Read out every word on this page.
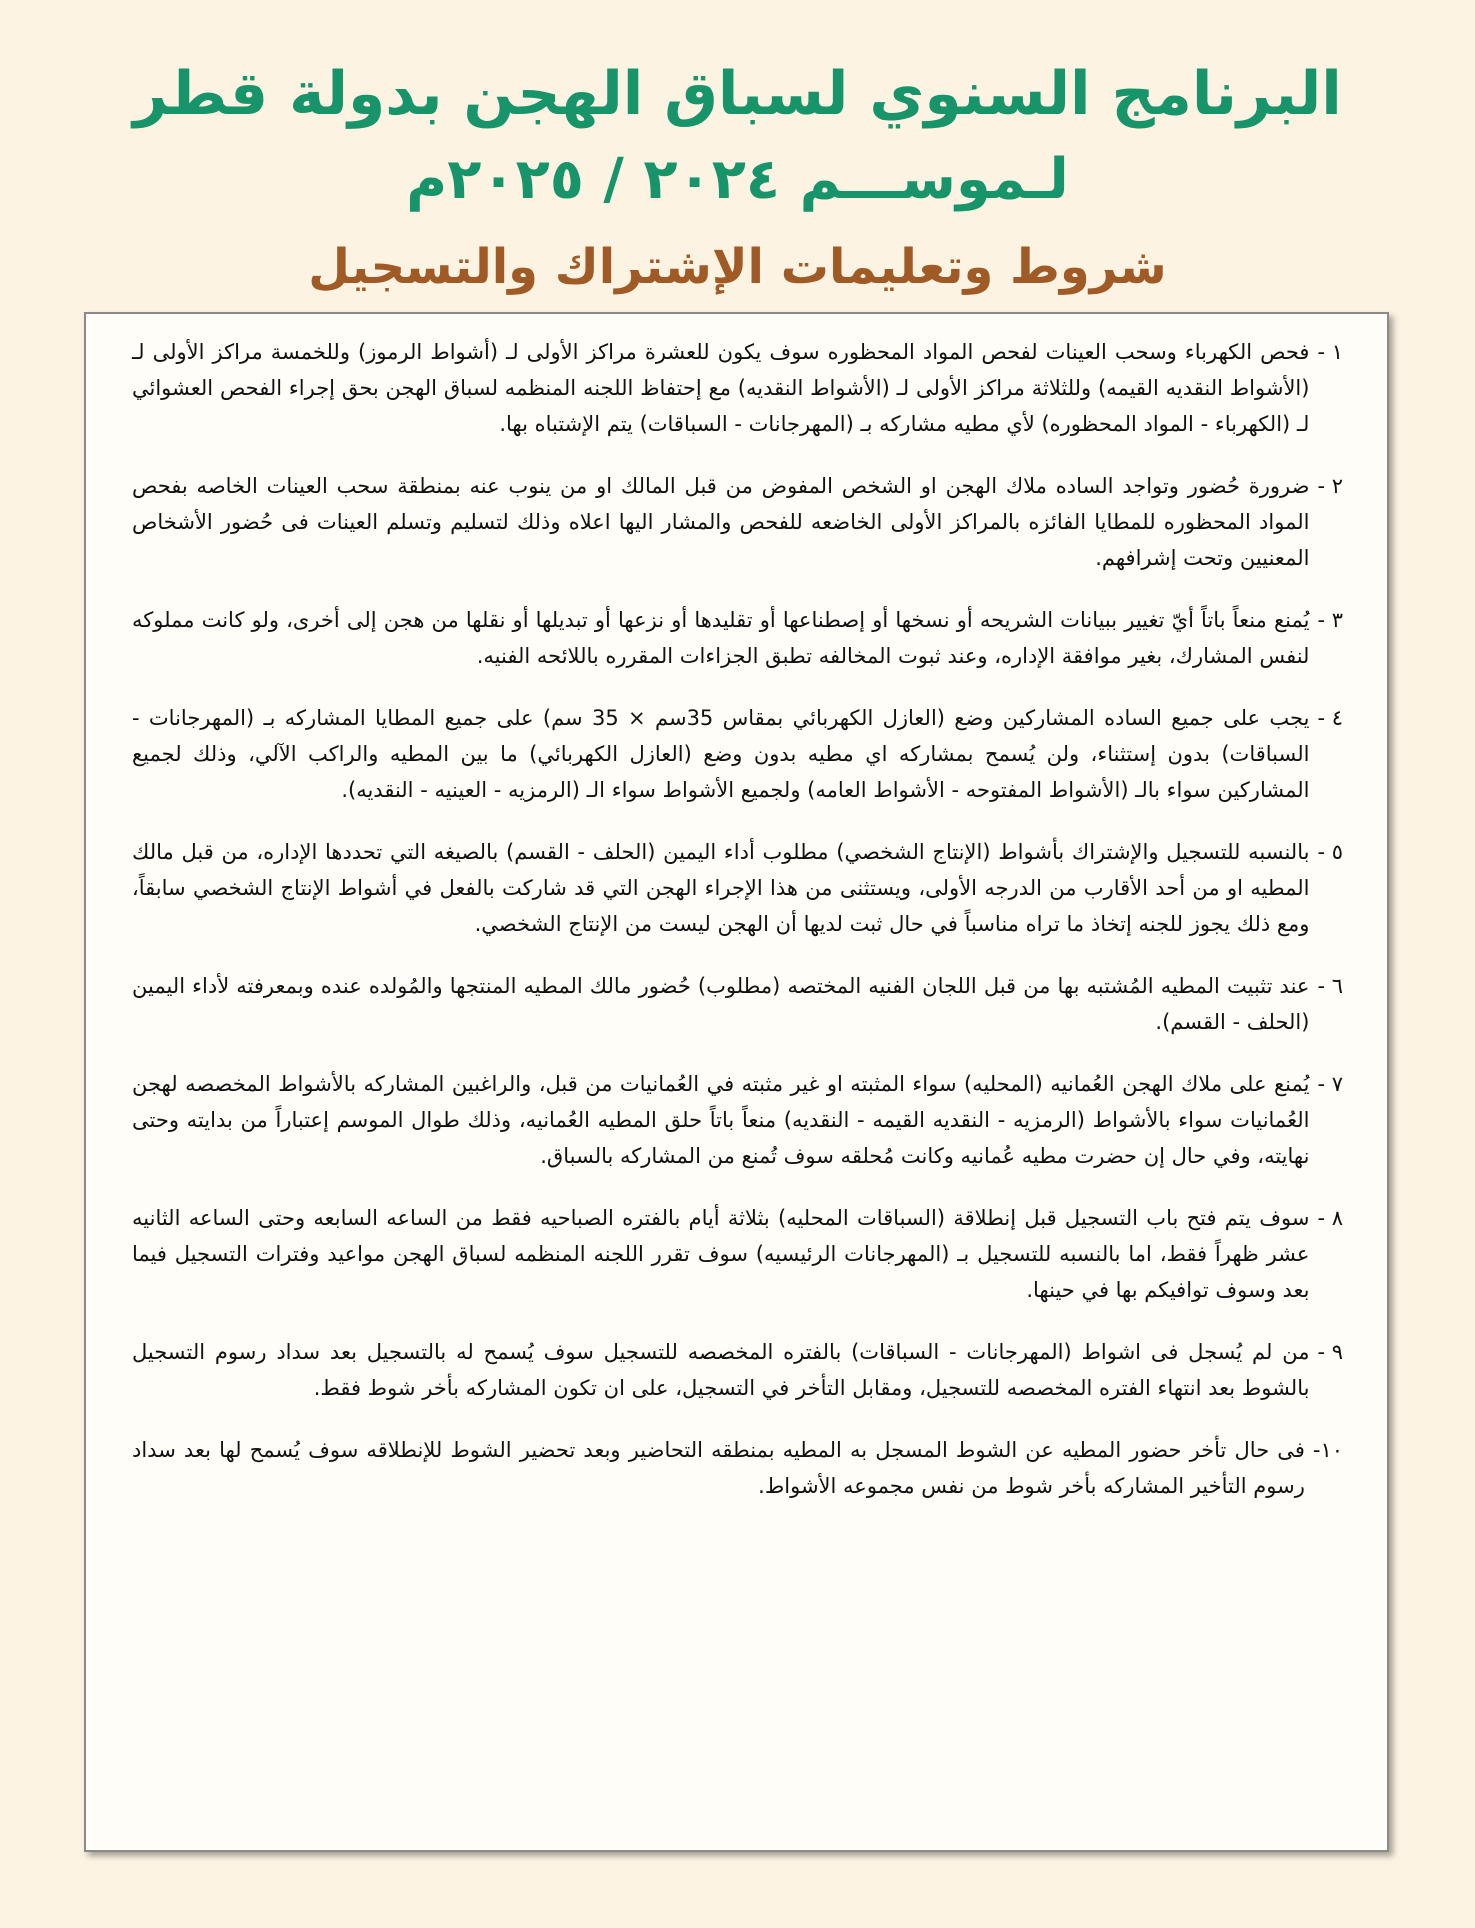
البرنامج السنوي لسباق الهجن بدولة قطر
لـموســـم ٢٠٢٤ / ٢٠٢٥م
شروط وتعليمات الإشتراك والتسجيل
١ -
فحص الكهرباء وسحب العينات لفحص المواد المحظوره سوف يكون للعشرة مراكز الأولى لـ (أشواط الرموز) وللخمسة مراكز الأولى لـ (الأشواط النقديه القيمه) وللثلاثة مراكز الأولى لـ (الأشواط النقديه) مع إحتفاظ اللجنه المنظمه لسباق الهجن بحق إجراء الفحص العشوائي لـ (الكهرباء - المواد المحظوره) لأي مطيه مشاركه بـ (المهرجانات - السباقات) يتم الإشتباه بها.
٢ -
ضرورة حُضور وتواجد الساده ملاك الهجن او الشخص المفوض من قبل المالك او من ينوب عنه بمنطقة سحب العينات الخاصه بفحص المواد المحظوره للمطايا الفائزه بالمراكز الأولى الخاضعه للفحص والمشار اليها اعلاه وذلك لتسليم وتسلم العينات فى حُضور الأشخاص المعنيين وتحت إشرافهم.
٣ -
يُمنع منعاً باتاً أيّ تغيير ببيانات الشريحه أو نسخها أو إصطناعها أو تقليدها أو نزعها أو تبديلها أو نقلها من هجن إلى أخرى، ولو كانت مملوكه لنفس المشارك، بغير موافقة الإداره، وعند ثبوت المخالفه تطبق الجزاءات المقرره باللائحه الفنيه.
٤ -
يجب على جميع الساده المشاركين وضع (العازل الكهربائي بمقاس 35سم × 35 سم) على جميع المطايا المشاركه بـ (المهرجانات - السباقات) بدون إستثناء، ولن يُسمح بمشاركه اي مطيه بدون وضع (العازل الكهربائي) ما بين المطيه والراكب الآلي، وذلك لجميع المشاركين سواء بالـ (الأشواط المفتوحه - الأشواط العامه) ولجميع الأشواط سواء الـ (الرمزيه - العينيه - النقديه).
٥ -
بالنسبه للتسجيل والإشتراك بأشواط (الإنتاج الشخصي) مطلوب أداء اليمين (الحلف - القسم) بالصيغه التي تحددها الإداره، من قبل مالك المطيه او من أحد الأقارب من الدرجه الأولى، ويستثنى من هذا الإجراء الهجن التي قد شاركت بالفعل في أشواط الإنتاج الشخصي سابقاً، ومع ذلك يجوز للجنه إتخاذ ما تراه مناسباً في حال ثبت لديها أن الهجن ليست من الإنتاج الشخصي.
٦ -
عند تثبيت المطيه المُشتبه بها من قبل اللجان الفنيه المختصه (مطلوب) حُضور مالك المطيه المنتجها والمُولده عنده وبمعرفته لأداء اليمين (الحلف - القسم).
٧ -
يُمنع على ملاك الهجن العُمانيه (المحليه) سواء المثبته او غير مثبته في العُمانيات من قبل، والراغبين المشاركه بالأشواط المخصصه لهجن العُمانيات سواء بالأشواط (الرمزيه - النقديه القيمه - النقديه) منعاً باتاً حلق المطيه العُمانيه، وذلك طوال الموسم إعتباراً من بدايته وحتى نهايته، وفي حال إن حضرت مطيه عُمانيه وكانت مُحلقه سوف تُمنع من المشاركه بالسباق.
٨ -
سوف يتم فتح باب التسجيل قبل إنطلاقة (السباقات المحليه) بثلاثة أيام بالفتره الصباحيه فقط من الساعه السابعه وحتى الساعه الثانيه عشر ظهراً فقط، اما بالنسبه للتسجيل بـ (المهرجانات الرئيسيه) سوف تقرر اللجنه المنظمه لسباق الهجن مواعيد وفترات التسجيل فيما بعد وسوف توافيكم بها في حينها.
٩ -
من لم يُسجل فى اشواط (المهرجانات - السباقات) بالفتره المخصصه للتسجيل سوف يُسمح له بالتسجيل بعد سداد رسوم التسجيل بالشوط بعد انتهاء الفتره المخصصه للتسجيل، ومقابل التأخر في التسجيل، على ان تكون المشاركه بأخر شوط فقط.
١٠-
فى حال تأخر حضور المطيه عن الشوط المسجل به المطيه بمنطقه التحاضير وبعد تحضير الشوط للإنطلاقه سوف يُسمح لها بعد سداد رسوم التأخير المشاركه بأخر شوط من نفس مجموعه الأشواط.
